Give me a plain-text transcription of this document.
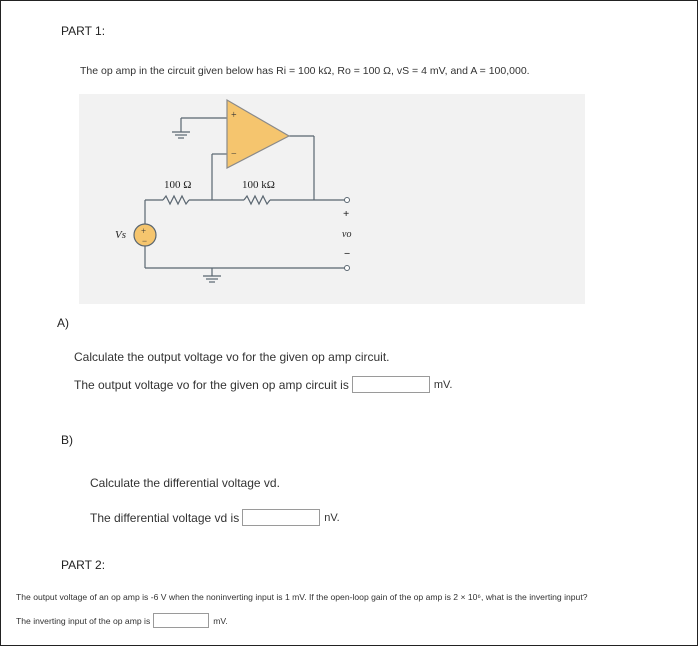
PART 1:
The op amp in the circuit given below has Ri = 100 kΩ, Ro = 100 Ω, vS = 4 mV, and A = 100,000.
+
−
+
−
100 Ω	100 kΩ
Vs
+
vo
−
A)
Calculate the output voltage vo for the given op amp circuit.
The output voltage vo for the given op amp circuit is	mV.
B)
Calculate the differential voltage vd.
The differential voltage vd is	nV.
PART 2:
The output voltage of an op amp is -6 V when the noninverting input is 1 mV. If the open-loop gain of the op amp is 2 × 10⁶, what is the inverting input?
The inverting input of the op amp is	mV.
